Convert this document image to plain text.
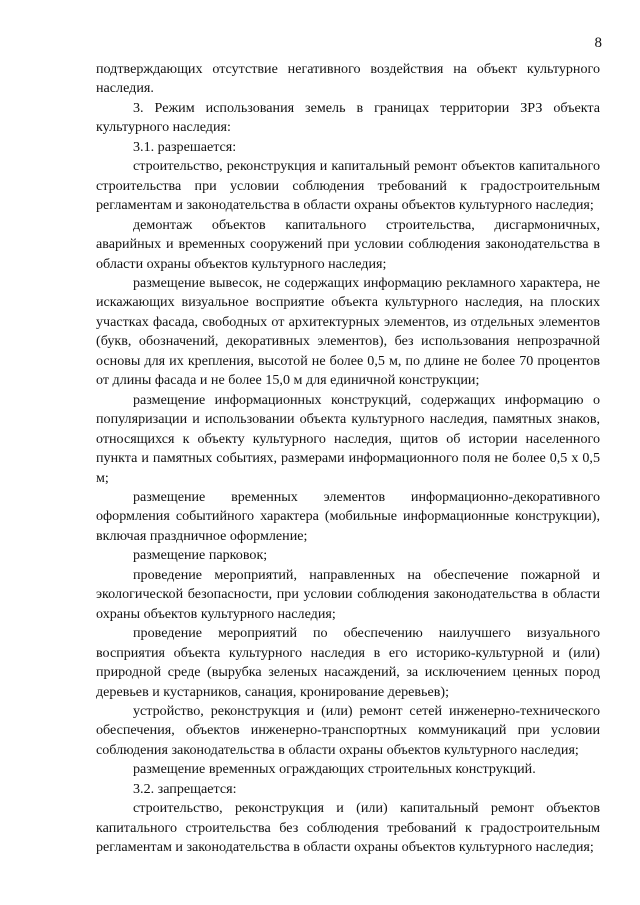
8

подтверждающих отсутствие негативного воздействия на объект культурного наследия.

3. Режим использования земель в границах территории ЗРЗ объекта культурного наследия:

3.1. разрешается:

строительство, реконструкция и капитальный ремонт объектов капитального строительства при условии соблюдения требований к градостроительным регламентам и законодательства в области охраны объектов культурного наследия;

демонтаж объектов капитального строительства, дисгармоничных, аварийных и временных сооружений при условии соблюдения законодательства в области охраны объектов культурного наследия;

размещение вывесок, не содержащих информацию рекламного характера, не искажающих визуальное восприятие объекта культурного наследия, на плоских участках фасада, свободных от архитектурных элементов, из отдельных элементов (букв, обозначений, декоративных элементов), без использования непрозрачной основы для их крепления, высотой не более 0,5 м, по длине не более 70 процентов от длины фасада и не более 15,0 м для единичной конструкции;

размещение информационных конструкций, содержащих информацию о популяризации и использовании объекта культурного наследия, памятных знаков, относящихся к объекту культурного наследия, щитов об истории населенного пункта и памятных событиях, размерами информационного поля не более 0,5 х 0,5 м;

размещение временных элементов информационно-декоративного оформления событийного характера (мобильные информационные конструкции), включая праздничное оформление;

размещение парковок;

проведение мероприятий, направленных на обеспечение пожарной и экологической безопасности, при условии соблюдения законодательства в области охраны объектов культурного наследия;

проведение мероприятий по обеспечению наилучшего визуального восприятия объекта культурного наследия в его историко-культурной и (или) природной среде (вырубка зеленых насаждений, за исключением ценных пород деревьев и кустарников, санация, кронирование деревьев);

устройство, реконструкция и (или) ремонт сетей инженерно-технического обеспечения, объектов инженерно-транспортных коммуникаций при условии соблюдения законодательства в области охраны объектов культурного наследия;

размещение временных ограждающих строительных конструкций.

3.2. запрещается:

строительство, реконструкция и (или) капитальный ремонт объектов капитального строительства без соблюдения требований к градостроительным регламентам и законодательства в области охраны объектов культурного наследия;
